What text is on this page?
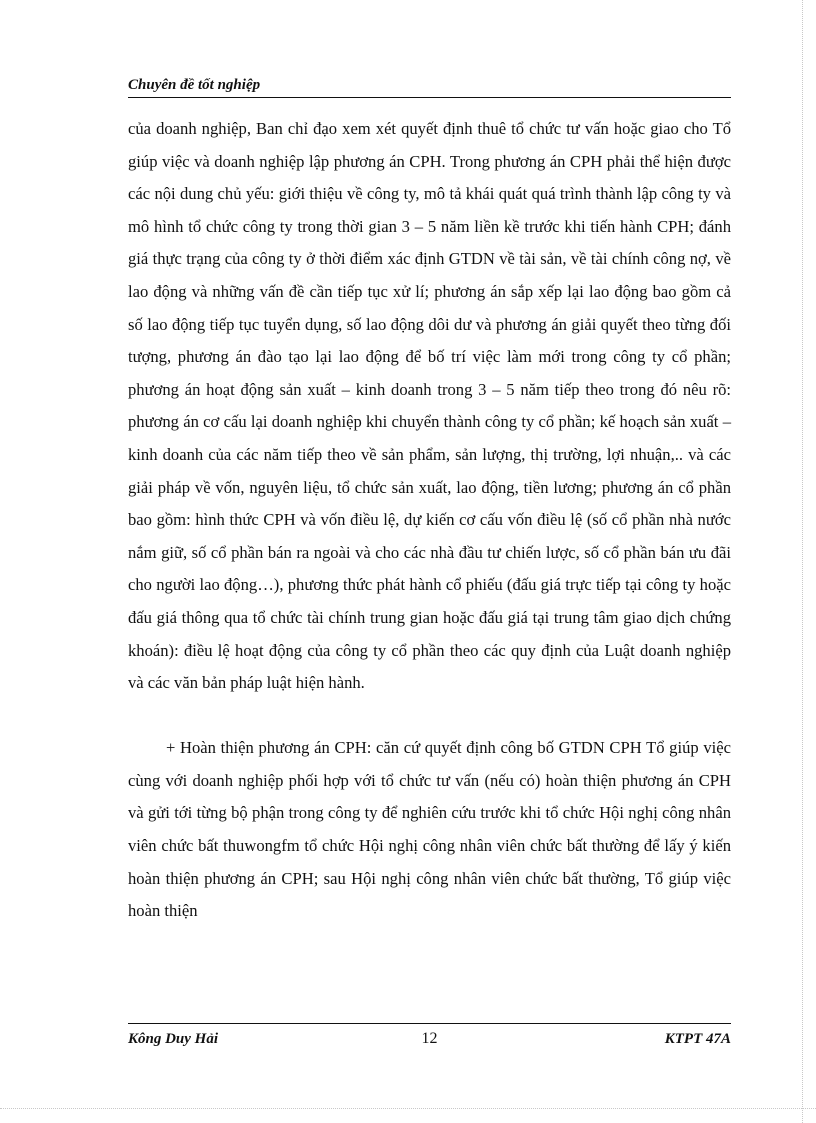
Chuyên đề tốt nghiệp

của doanh nghiệp, Ban chỉ đạo xem xét quyết định thuê tổ chức tư vấn hoặc giao cho Tổ giúp việc và doanh nghiệp lập phương án CPH. Trong phương án CPH phải thể hiện được các nội dung chủ yếu: giới thiệu về công ty, mô tả khái quát quá trình thành lập công ty và mô hình tổ chức công ty trong thời gian 3 – 5 năm liền kề trước khi tiến hành CPH; đánh giá thực trạng của công ty ở thời điểm xác định GTDN về tài sản, về tài chính công nợ, về lao động và những vấn đề cần tiếp tục xử lí; phương án sắp xếp lại lao động bao gồm cả số lao động tiếp tục tuyển dụng, số lao động dôi dư và phương án giải quyết theo từng đối tượng, phương án đào tạo lại lao động để bố trí việc làm mới trong công ty cổ phần; phương án hoạt động sản xuất – kinh doanh trong 3 – 5 năm tiếp theo trong đó nêu rõ: phương án cơ cấu lại doanh nghiệp khi chuyển thành công ty cổ phần; kế hoạch sản xuất – kinh doanh của các năm tiếp theo về sản phẩm, sản lượng, thị trường, lợi nhuận,.. và các giải pháp về vốn, nguyên liệu, tổ chức sản xuất, lao động, tiền lương; phương án cổ phần bao gồm: hình thức CPH và vốn điều lệ, dự kiến cơ cấu vốn điều lệ (số cổ phần nhà nước nắm giữ, số cổ phần bán ra ngoài và cho các nhà đầu tư chiến lược, số cổ phần bán ưu đãi cho người lao động…), phương thức phát hành cổ phiếu (đấu giá trực tiếp tại công ty hoặc đấu giá thông qua tổ chức tài chính trung gian hoặc đấu giá tại trung tâm giao dịch chứng khoán): điều lệ hoạt động của công ty cổ phần theo các quy định của Luật doanh nghiệp và các văn bản pháp luật hiện hành.

+ Hoàn thiện phương án CPH: căn cứ quyết định công bố GTDN CPH Tổ giúp việc cùng với doanh nghiệp phối hợp với tổ chức tư vấn (nếu có) hoàn thiện phương án CPH và gửi tới từng bộ phận trong công ty để nghiên cứu trước khi tổ chức Hội nghị công nhân viên chức bất thuwongfm tổ chức Hội nghị công nhân viên chức bất thường để lấy ý kiến hoàn thiện phương án CPH; sau Hội nghị công nhân viên chức bất thường, Tổ giúp việc hoàn thiện

Kông Duy Hải	12	KTPT 47A
